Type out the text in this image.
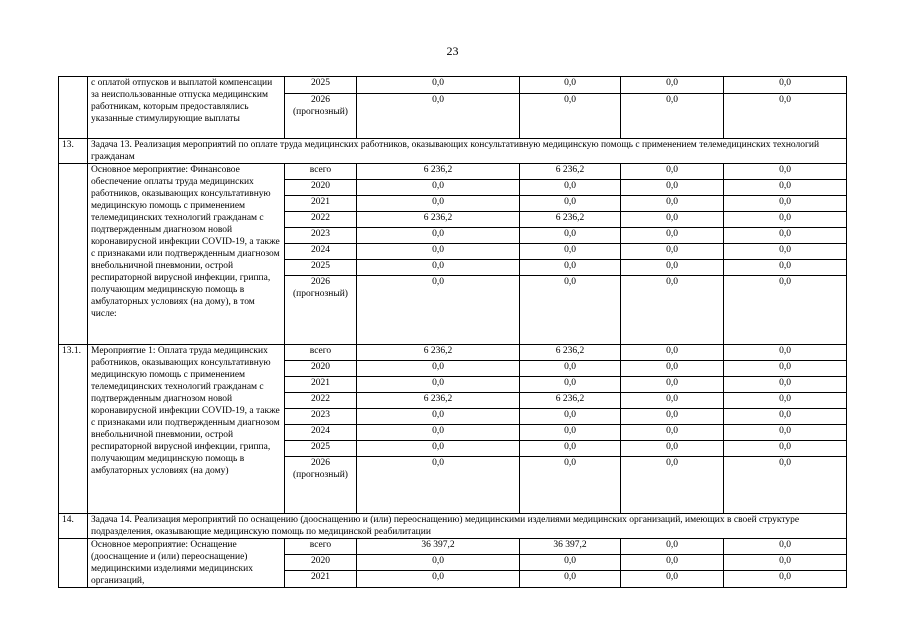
23
	с оплатой отпусков и выплатой компенсации за неиспользованные отпуска медицинским работникам, которым предоставлялись указанные стимулирующие выплаты	2025	0,0	0,0	0,0	0,0
		2026 (прогнозный)	0,0	0,0	0,0	0,0
13.	Задача 13. Реализация мероприятий по оплате труда медицинских работников, оказывающих консультативную медицинскую помощь с применением телемедицинских технологий гражданам					
	Основное мероприятие: Финансовое обеспечение оплаты труда медицинских работников, оказывающих консультативную медицинскую помощь с применением телемедицинских технологий гражданам с подтвержденным диагнозом новой коронавирусной инфекции COVID-19, а также с признаками или подтвержденным диагнозом внебольничной пневмонии, острой респираторной вирусной инфекции, гриппа, получающим медицинскую помощь в амбулаторных условиях (на дому), в том числе:	всего	6 236,2	6 236,2	0,0	0,0
		2020	0,0	0,0	0,0	0,0
		2021	0,0	0,0	0,0	0,0
		2022	6 236,2	6 236,2	0,0	0,0
		2023	0,0	0,0	0,0	0,0
		2024	0,0	0,0	0,0	0,0
		2025	0,0	0,0	0,0	0,0
		2026 (прогнозный)	0,0	0,0	0,0	0,0
13.1.	Мероприятие 1: Оплата труда медицинских работников, оказывающих консультативную медицинскую помощь с применением телемедицинских технологий гражданам с подтвержденным диагнозом новой коронавирусной инфекции COVID-19, а также с признаками или подтвержденным диагнозом внебольничной пневмонии, острой респираторной вирусной инфекции, гриппа, получающим медицинскую помощь в амбулаторных условиях (на дому)	всего	6 236,2	6 236,2	0,0	0,0
		2020	0,0	0,0	0,0	0,0
		2021	0,0	0,0	0,0	0,0
		2022	6 236,2	6 236,2	0,0	0,0
		2023	0,0	0,0	0,0	0,0
		2024	0,0	0,0	0,0	0,0
		2025	0,0	0,0	0,0	0,0
		2026 (прогнозный)	0,0	0,0	0,0	0,0
14.	Задача 14. Реализация мероприятий по оснащению (дооснащению и (или) переоснащению) медицинскими изделиями медицинских организаций, имеющих в своей структуре подразделения, оказывающие медицинскую помощь по медицинской реабилитации					
	Основное мероприятие: Оснащение (дооснащение и (или) переоснащение) медицинскими изделиями медицинских организаций,	всего	36 397,2	36 397,2	0,0	0,0
		2020	0,0	0,0	0,0	0,0
		2021	0,0	0,0	0,0	0,0
